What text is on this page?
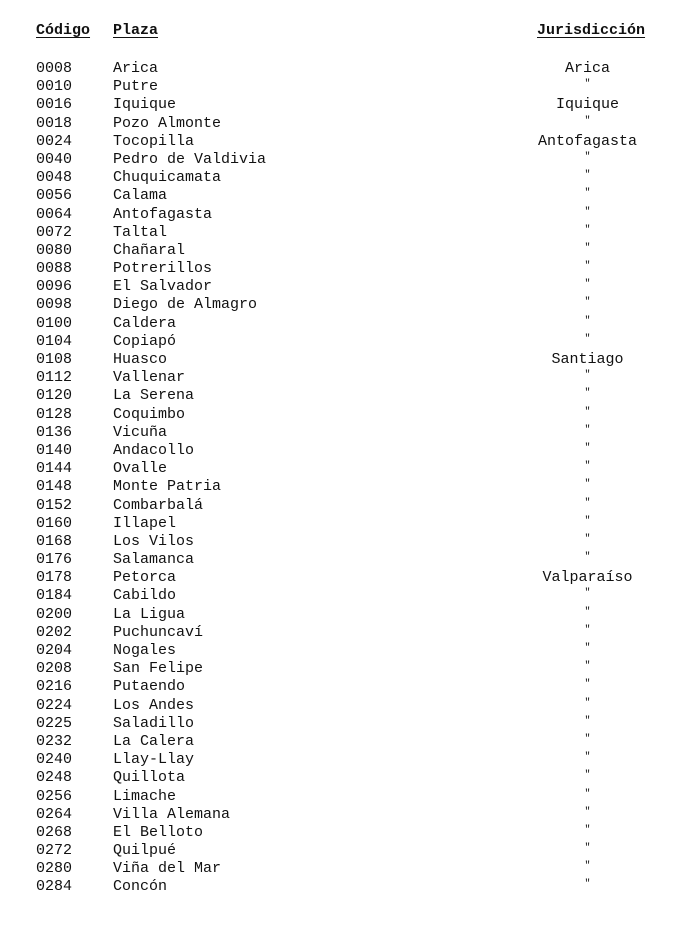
Código Plaza	Jurisdicción
0008	Arica	Arica
0010	Putre	"
0016	Iquique	Iquique
0018	Pozo Almonte	"
0024	Tocopilla	Antofagasta
0040	Pedro de Valdivia	"
0048	Chuquicamata	"
0056	Calama	"
0064	Antofagasta	"
0072	Taltal	"
0080	Chañaral	"
0088	Potrerillos	"
0096	El Salvador	"
0098	Diego de Almagro	"
0100	Caldera	"
0104	Copiapó	"
0108	Huasco	Santiago
0112	Vallenar	"
0120	La Serena	"
0128	Coquimbo	"
0136	Vicuña	"
0140	Andacollo	"
0144	Ovalle	"
0148	Monte Patria	"
0152	Combarbalá	"
0160	Illapel	"
0168	Los Vilos	"
0176	Salamanca	"
0178	Petorca	Valparaíso
0184	Cabildo	"
0200	La Ligua	"
0202	Puchuncaví	"
0204	Nogales	"
0208	San Felipe	"
0216	Putaendo	"
0224	Los Andes	"
0225	Saladillo	"
0232	La Calera	"
0240	Llay-Llay	"
0248	Quillota	"
0256	Limache	"
0264	Villa Alemana	"
0268	El Belloto	"
0272	Quilpué	"
0280	Viña del Mar	"
0284	Concón	"
